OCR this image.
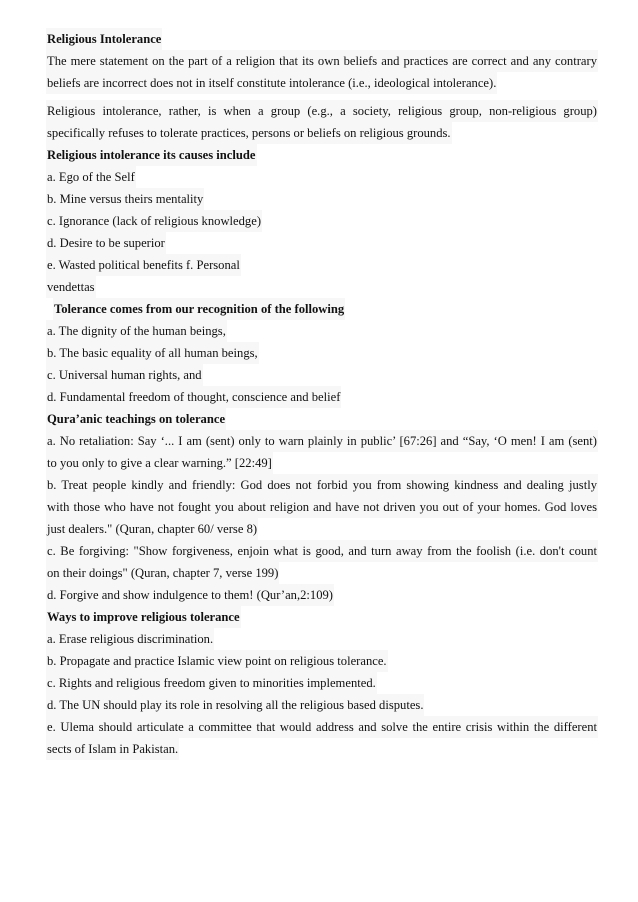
Religious Intolerance
The mere statement on the part of a religion that its own beliefs and practices are correct and any contrary
beliefs are incorrect does not in itself constitute intolerance (i.e., ideological intolerance).
Religious intolerance, rather, is when a group (e.g., a society, religious group, non-religious group)
specifically refuses to tolerate practices, persons or beliefs on religious grounds.
Religious intolerance its causes include
a. Ego of the Self
b. Mine versus theirs mentality
c. Ignorance (lack of religious knowledge)
d. Desire to be superior
e. Wasted political benefits f. Personal
vendettas
Tolerance comes from our recognition of the following
a. The dignity of the human beings,
b. The basic equality of all human beings,
c. Universal human rights, and
d. Fundamental freedom of thought, conscience and belief
Qura’anic teachings on tolerance
a. No retaliation: Say ‘... I am (sent) only to warn plainly in public’ [67:26] and “Say, ‘O men! I am (sent)
to you only to give a clear warning.” [22:49]
b. Treat people kindly and friendly: God does not forbid you from showing kindness and dealing justly
with those who have not fought you about religion and have not driven you out of your homes. God loves
just dealers." (Quran, chapter 60/ verse 8)
c. Be forgiving: "Show forgiveness, enjoin what is good, and turn away from the foolish (i.e. don't count
on their doings" (Quran, chapter 7, verse 199)
d. Forgive and show indulgence to them! (Qur’an,2:109)
Ways to improve religious tolerance
a. Erase religious discrimination.
b. Propagate and practice Islamic view point on religious tolerance.
c. Rights and religious freedom given to minorities implemented.
d. The UN should play its role in resolving all the religious based disputes.
e. Ulema should articulate a committee that would address and solve the entire crisis within the different
sects of Islam in Pakistan.
